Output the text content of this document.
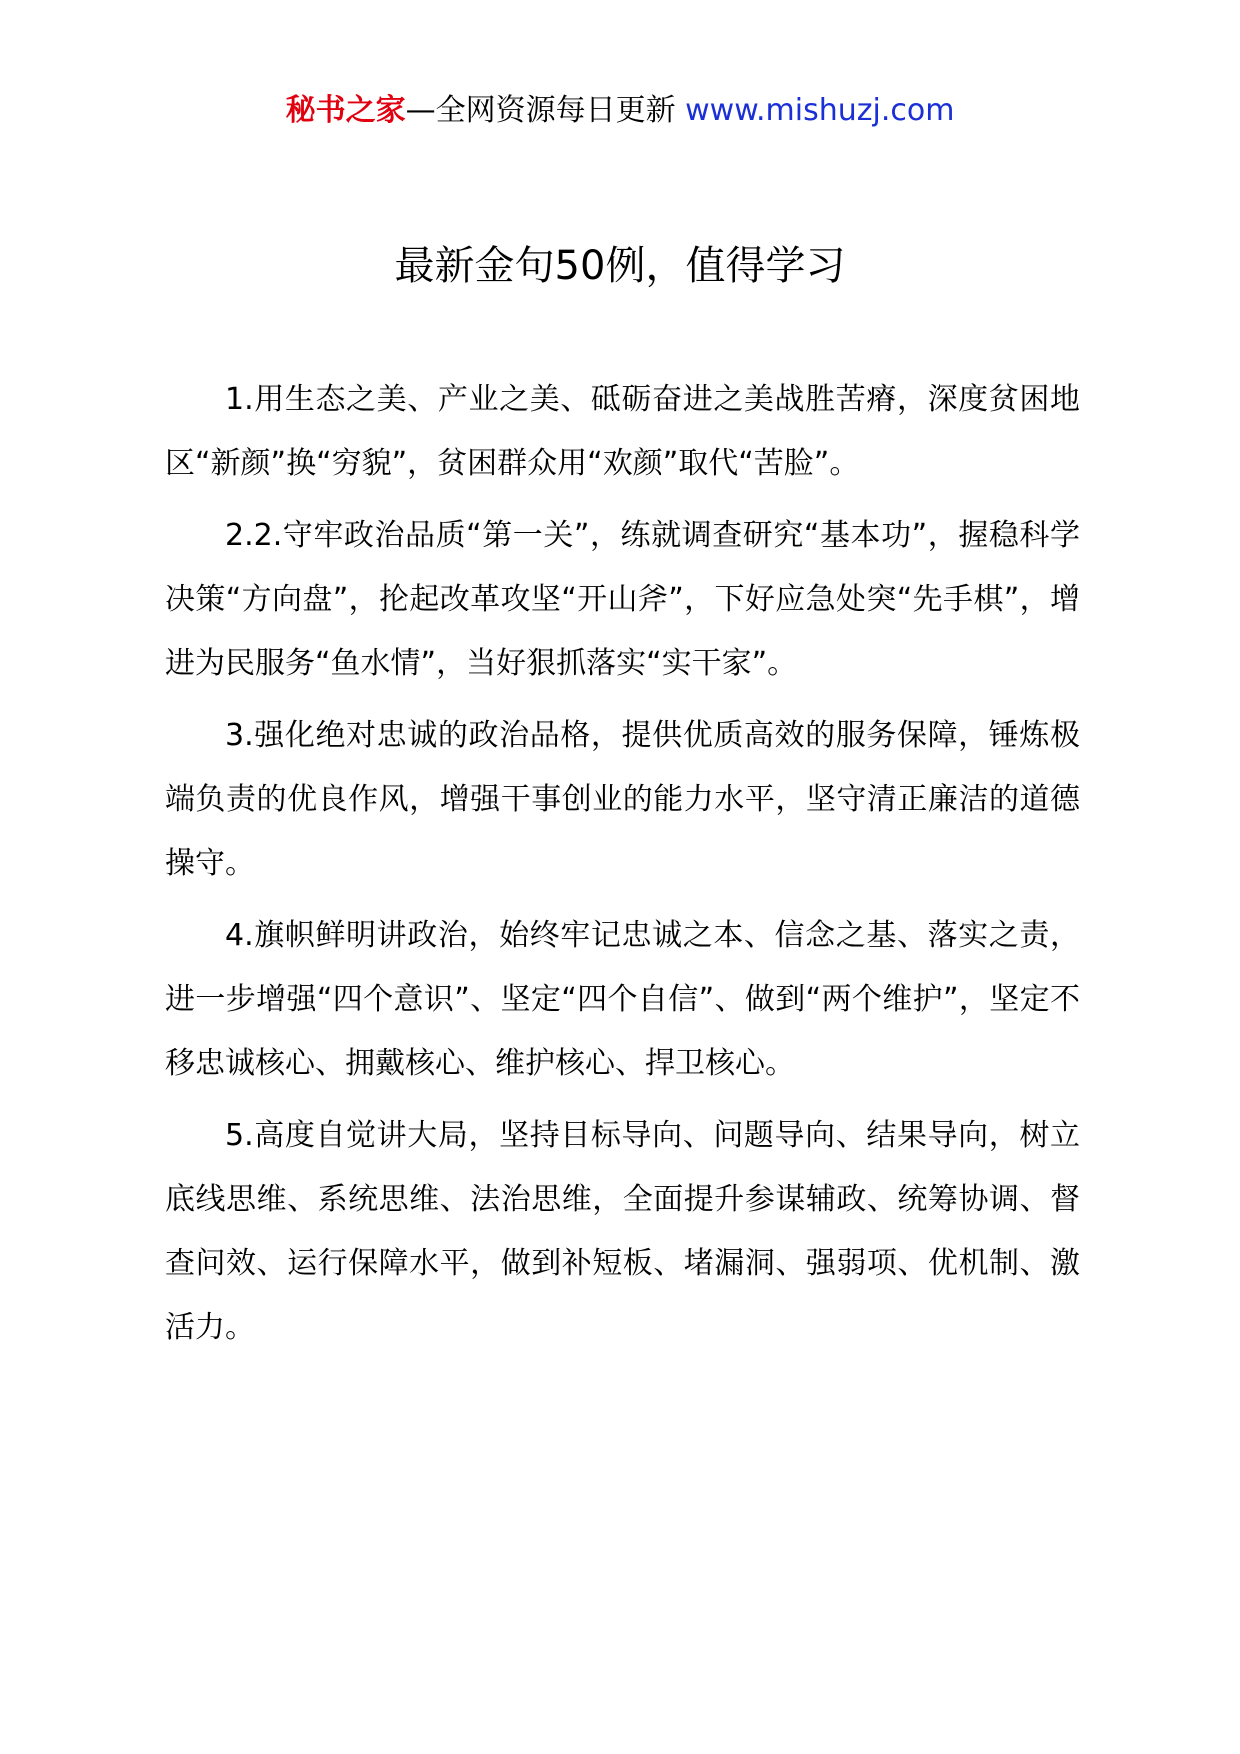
秘书之家—全网资源每日更新 www.mishuzj.com
最新金句50例，值得学习

1.用生态之美、产业之美、砥砺奋进之美战胜苦瘠，深度贫困地区“新颜”换“穷貌”，贫困群众用“欢颜”取代“苦脸”。

2.2.守牢政治品质“第一关”，练就调查研究“基本功”，握稳科学决策“方向盘”，抡起改革攻坚“开山斧”，下好应急处突“先手棋”，增进为民服务“鱼水情”，当好狠抓落实“实干家”。

3.强化绝对忠诚的政治品格，提供优质高效的服务保障，锤炼极端负责的优良作风，增强干事创业的能力水平，坚守清正廉洁的道德操守。

4.旗帜鲜明讲政治，始终牢记忠诚之本、信念之基、落实之责，进一步增强“四个意识”、坚定“四个自信”、做到“两个维护”，坚定不移忠诚核心、拥戴核心、维护核心、捍卫核心。

5.高度自觉讲大局，坚持目标导向、问题导向、结果导向，树立底线思维、系统思维、法治思维，全面提升参谋辅政、统筹协调、督查问效、运行保障水平，做到补短板、堵漏洞、强弱项、优机制、激活力。
